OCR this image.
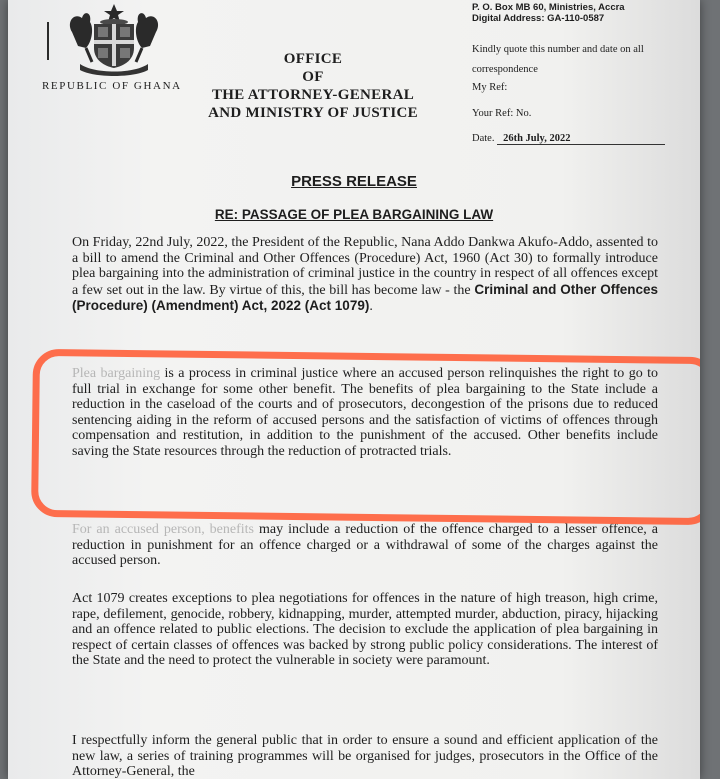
REPUBLIC OF GHANA
OFFICE
OF
THE ATTORNEY-GENERAL
AND MINISTRY OF JUSTICE
P. O. Box MB 60, Ministries, Accra
Digital Address: GA-110-0587
Kindly quote this number and date on all
correspondence
My Ref:
Your Ref: No.
Date. 26th July, 2022
PRESS RELEASE
RE: PASSAGE OF PLEA BARGAINING LAW
On Friday, 22nd July, 2022, the President of the Republic, Nana Addo Dankwa Akufo-Addo, assented to a bill to amend the Criminal and Other Offences (Procedure) Act, 1960 (Act 30) to formally introduce plea bargaining into the administration of criminal justice in the country in respect of all offences except a few set out in the law. By virtue of this, the bill has become law - the Criminal and Other Offences (Procedure) (Amendment) Act, 2022 (Act 1079).
Plea bargaining is a process in criminal justice where an accused person relinquishes the right to go to full trial in exchange for some other benefit. The benefits of plea bargaining to the State include a reduction in the caseload of the courts and of prosecutors, decongestion of the prisons due to reduced sentencing aiding in the reform of accused persons and the satisfaction of victims of offences through compensation and restitution, in addition to the punishment of the accused. Other benefits include saving the State resources through the reduction of protracted trials.
For an accused person, benefits may include a reduction of the offence charged to a lesser offence, a reduction in punishment for an offence charged or a withdrawal of some of the charges against the accused person.
Act 1079 creates exceptions to plea negotiations for offences in the nature of high treason, high crime, rape, defilement, genocide, robbery, kidnapping, murder, attempted murder, abduction, piracy, hijacking and an offence related to public elections. The decision to exclude the application of plea bargaining in respect of certain classes of offences was backed by strong public policy considerations. The interest of the State and the need to protect the vulnerable in society were paramount.
I respectfully inform the general public that in order to ensure a sound and efficient application of the new law, a series of training programmes will be organised for judges, prosecutors in the Office of the Attorney-General, the
